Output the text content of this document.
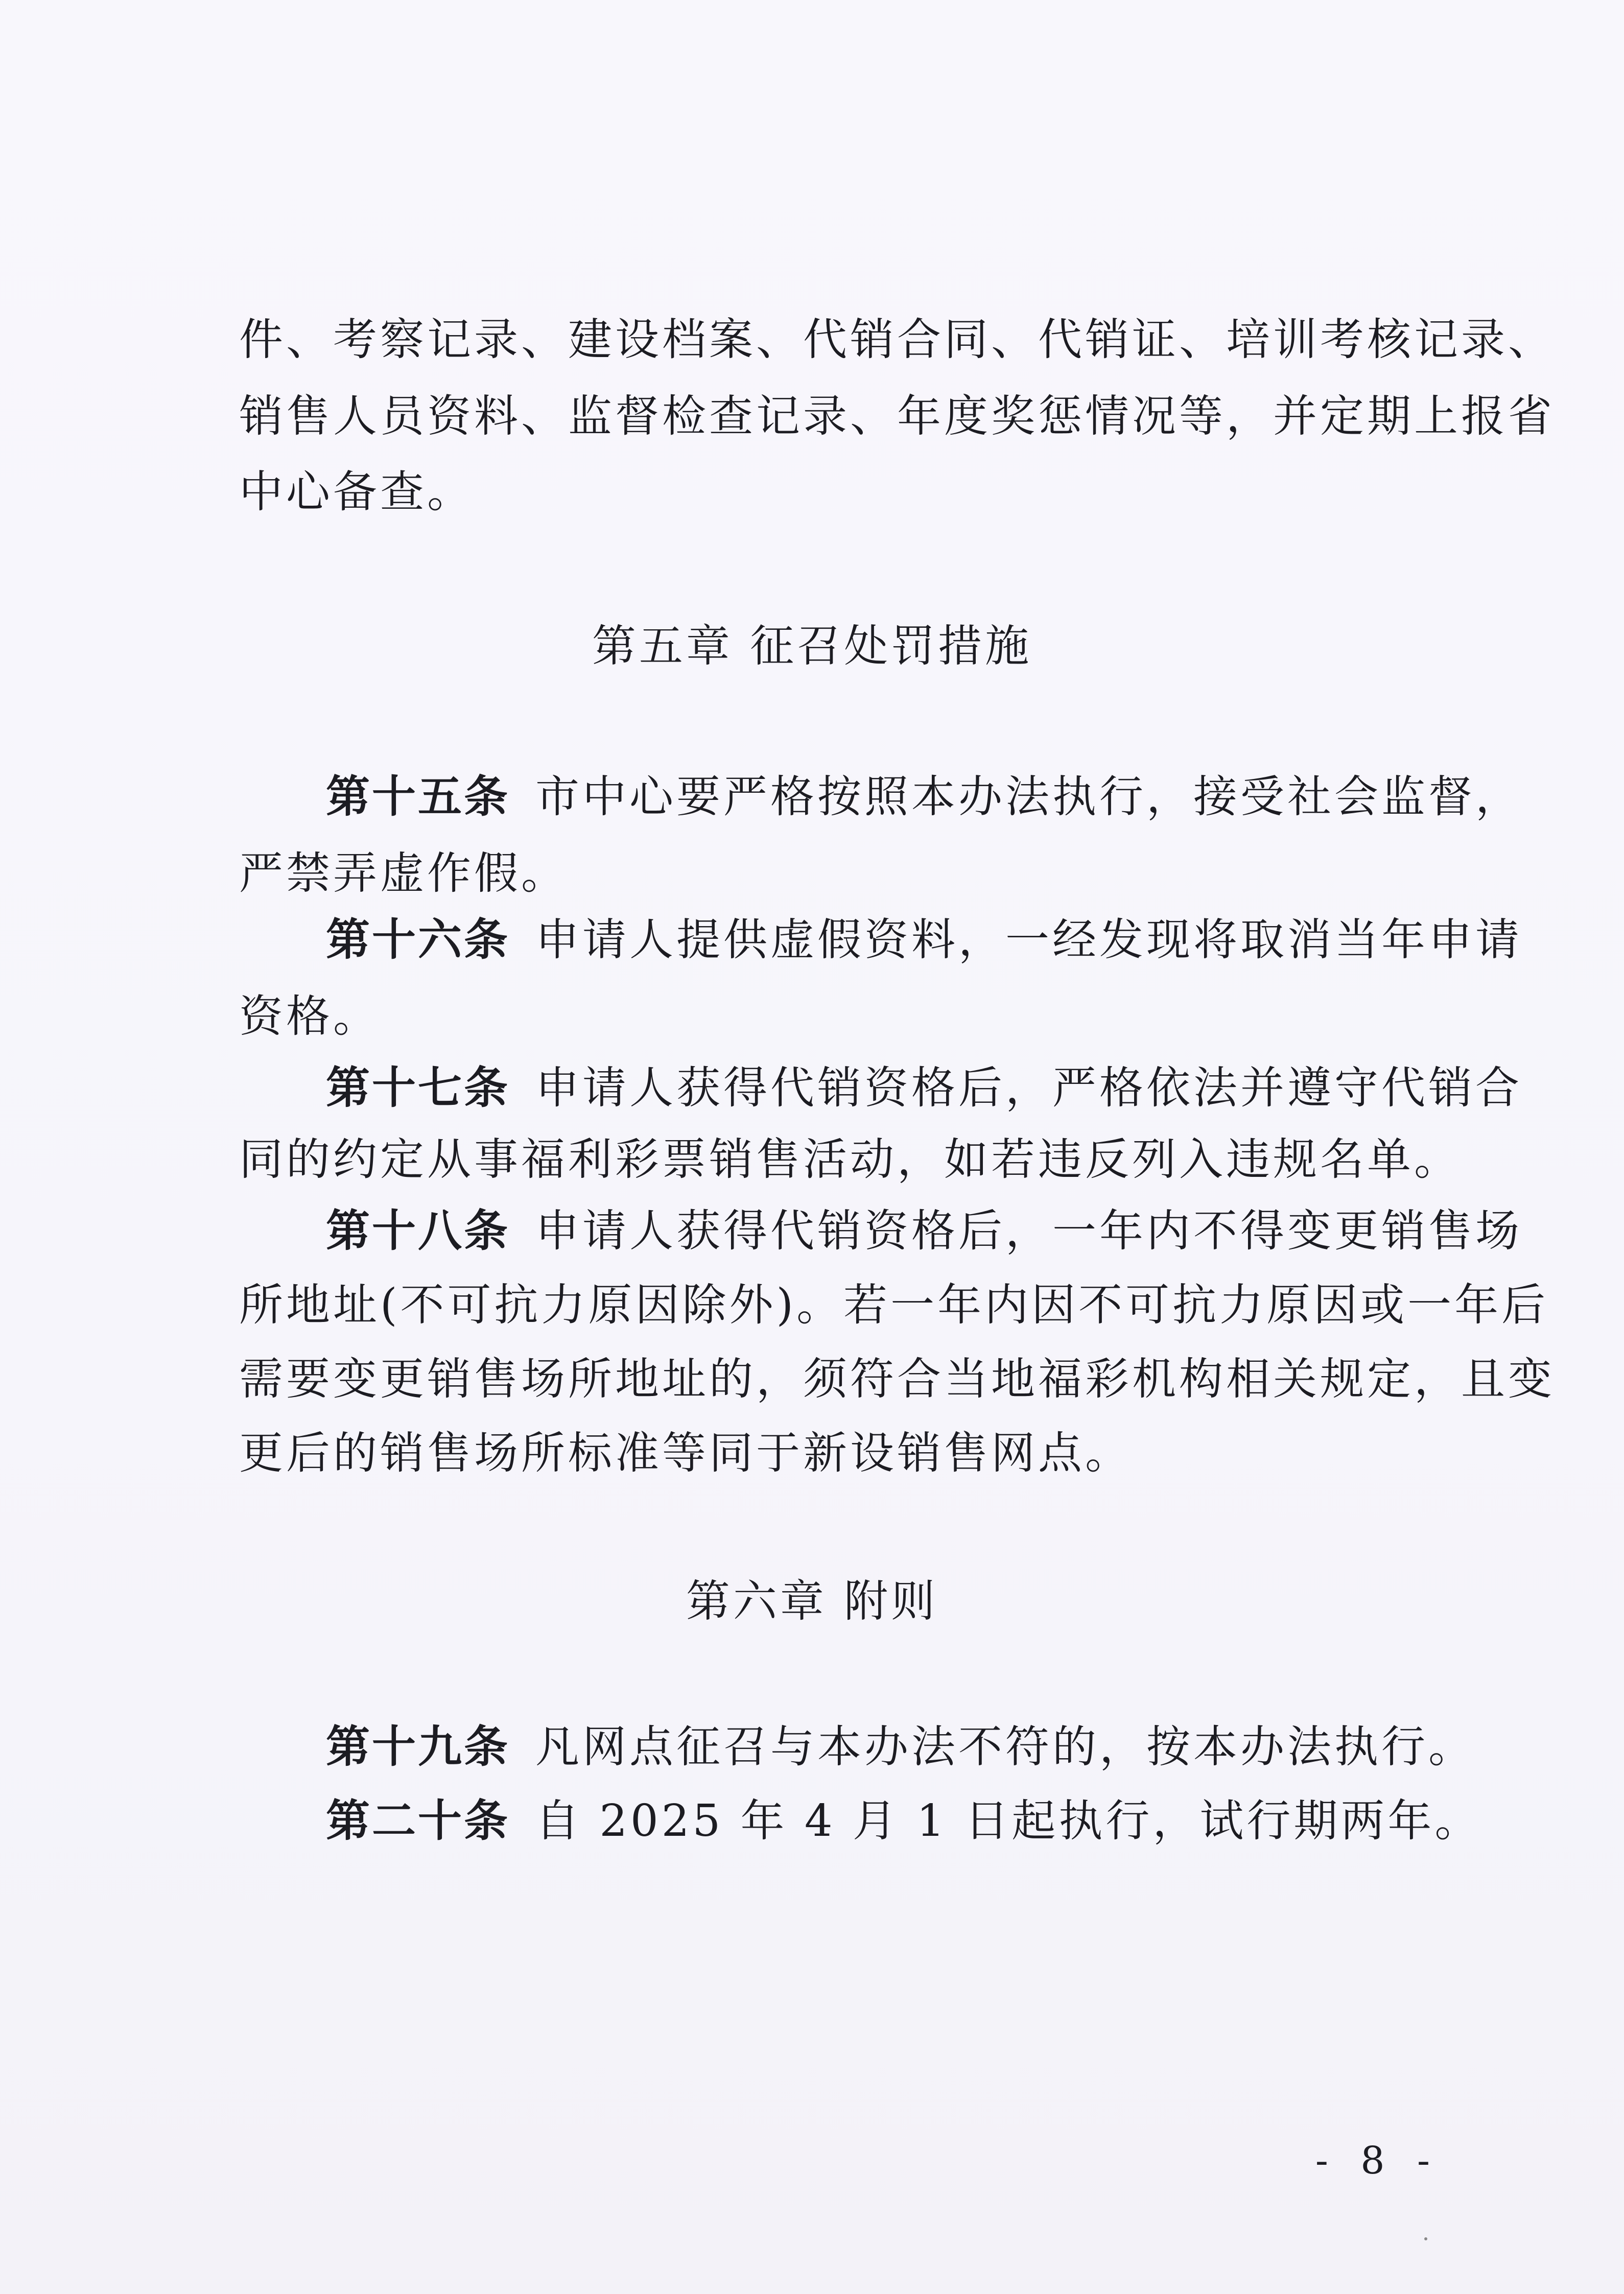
件、考察记录、建设档案、代销合同、代销证、培训考核记录、
销售人员资料、监督检查记录、年度奖惩情况等，并定期上报省
中心备查。
第五章 征召处罚措施
第十五条 市中心要严格按照本办法执行，接受社会监督，
严禁弄虚作假。
第十六条 申请人提供虚假资料，一经发现将取消当年申请
资格。
第十七条 申请人获得代销资格后，严格依法并遵守代销合
同的约定从事福利彩票销售活动，如若违反列入违规名单。
第十八条 申请人获得代销资格后，一年内不得变更销售场
所地址(不可抗力原因除外)。若一年内因不可抗力原因或一年后
需要变更销售场所地址的，须符合当地福彩机构相关规定，且变
更后的销售场所标准等同于新设销售网点。
第六章 附则
第十九条 凡网点征召与本办法不符的，按本办法执行。
第二十条 自 2025 年 4 月 1 日起执行，试行期两年。
- 8 -
